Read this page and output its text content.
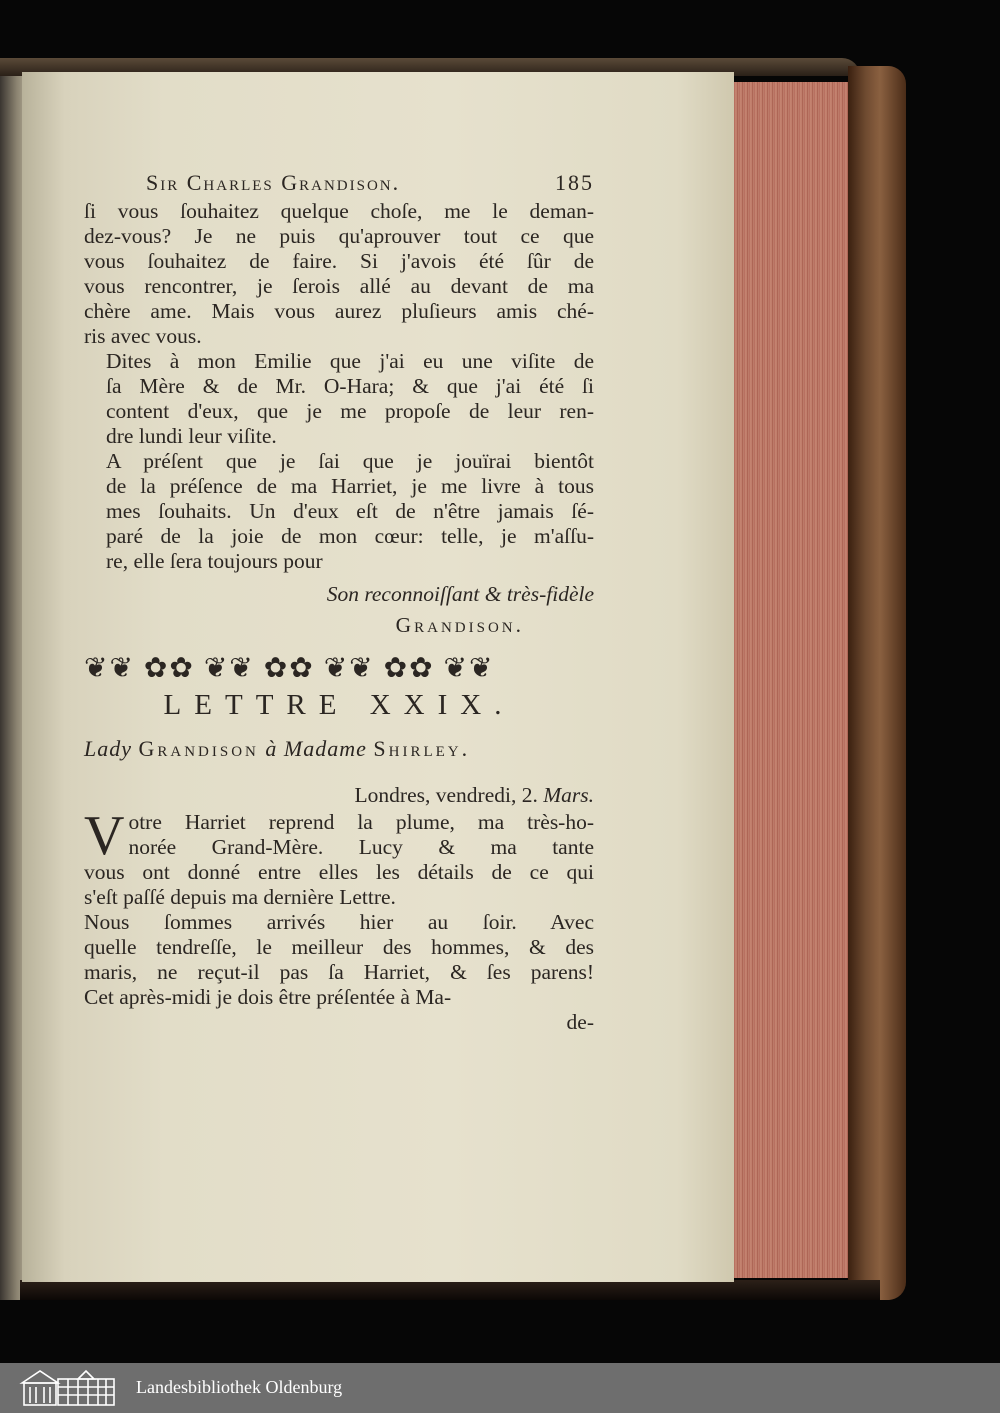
Sir Charles Grandison.	185
ſi vous ſouhaitez quelque choſe, me le deman-
dez-vous? Je ne puis qu'aprouver tout ce que
vous ſouhaitez de faire. Si j'avois été ſûr de
vous rencontrer, je ſerois allé au devant de ma
chère ame. Mais vous aurez pluſieurs amis ché-
ris avec vous.
Dites à mon Emilie que j'ai eu une viſite de
ſa Mère & de Mr. O-Hara; & que j'ai été ſi
content d'eux, que je me propoſe de leur ren-
dre lundi leur viſite.
A préſent que je ſai que je jouïrai bientôt
de la préſence de ma Harriet, je me livre à tous
mes ſouhaits. Un d'eux eſt de n'être jamais ſé-
paré de la joie de mon cœur: telle, je m'aſſu-
re, elle ſera toujours pour
Son reconnoiſſant & très-fidèle
Grandison.
❦❦ ✿✿ ❦❦ ✿✿ ❦❦ ✿✿ ❦❦
LETTRE XXIX.
Lady Grandison à Madame Shirley.
Londres, vendredi, 2. Mars.
V otre Harriet reprend la plume, ma très-ho-
norée Grand-Mère. Lucy & ma tante
vous ont donné entre elles les détails de ce qui
s'eſt paſſé depuis ma dernière Lettre.
Nous ſommes arrivés hier au ſoir. Avec
quelle tendreſſe, le meilleur des hommes, & des
maris, ne reçut-il pas ſa Harriet, & ſes parens!
Cet après-midi je dois être préſentée à Ma-
de-
Landesbibliothek Oldenburg
